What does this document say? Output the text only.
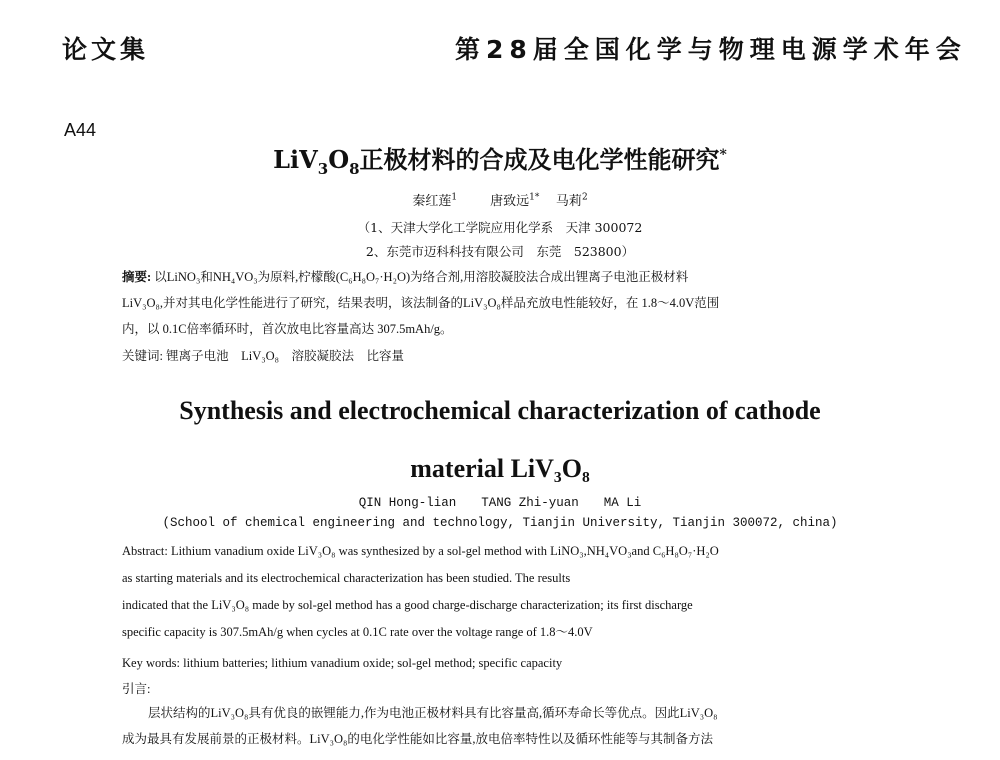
论文集	第28届全国化学与物理电源学术年会
A44
$LiV_3O_8$正极材料的合成及电化学性能研究*
秦红莲$^1$	唐致远$^{1*}$ 马莉$^2$
（1、天津大学化工学院应用化学系　天津 300072
2、东莞市迈科科技有限公司　东莞　523800）
摘要: 以LiNO₃和NH₄VO₃为原料,柠檬酸(C₆H₈O₇·H₂O)为络合剂,用溶胶凝胶法合成出锂离子电池正极材料
LiV₃O₈,并对其电化学性能进行了研究，结果表明，该法制备的LiV₃O₈样品充放电性能较好，在 1.8～4.0V范围
内，以 0.1C倍率循环时，首次放电比容量高达 307.5mAh/g。
关键词: 锂离子电池　LiV₃O₈　溶胶凝胶法　比容量
Synthesis and electrochemical characterization of cathode
material LiV₃O₈
QIN Hong-lian　　TANG Zhi-yuan　　MA Li
(School of chemical engineering and technology, Tianjin University, Tianjin 300072, china)
Abstract: Lithium vanadium oxide LiV₃O₈ was synthesized by a sol-gel method with LiNO₃,NH₄VO₃and C₆H₈O₇·H₂O
as starting materials and its electrochemical characterization has been studied. The results
indicated that the LiV₃O₈ made by sol-gel method has a good charge-discharge characterization; its first discharge
specific capacity is 307.5mAh/g when cycles at 0.1C rate over the voltage range of 1.8～4.0V
Key words: lithium batteries; lithium vanadium oxide; sol-gel method; specific capacity
引言:
层状结构的LiV₃O₈具有优良的嵌锂能力,作为电池正极材料具有比容量高,循环寿命长等优点。因此LiV₃O₈
成为最具有发展前景的正极材料。LiV₃O₈的电化学性能如比容量,放电倍率特性以及循环性能等与其制备方法
